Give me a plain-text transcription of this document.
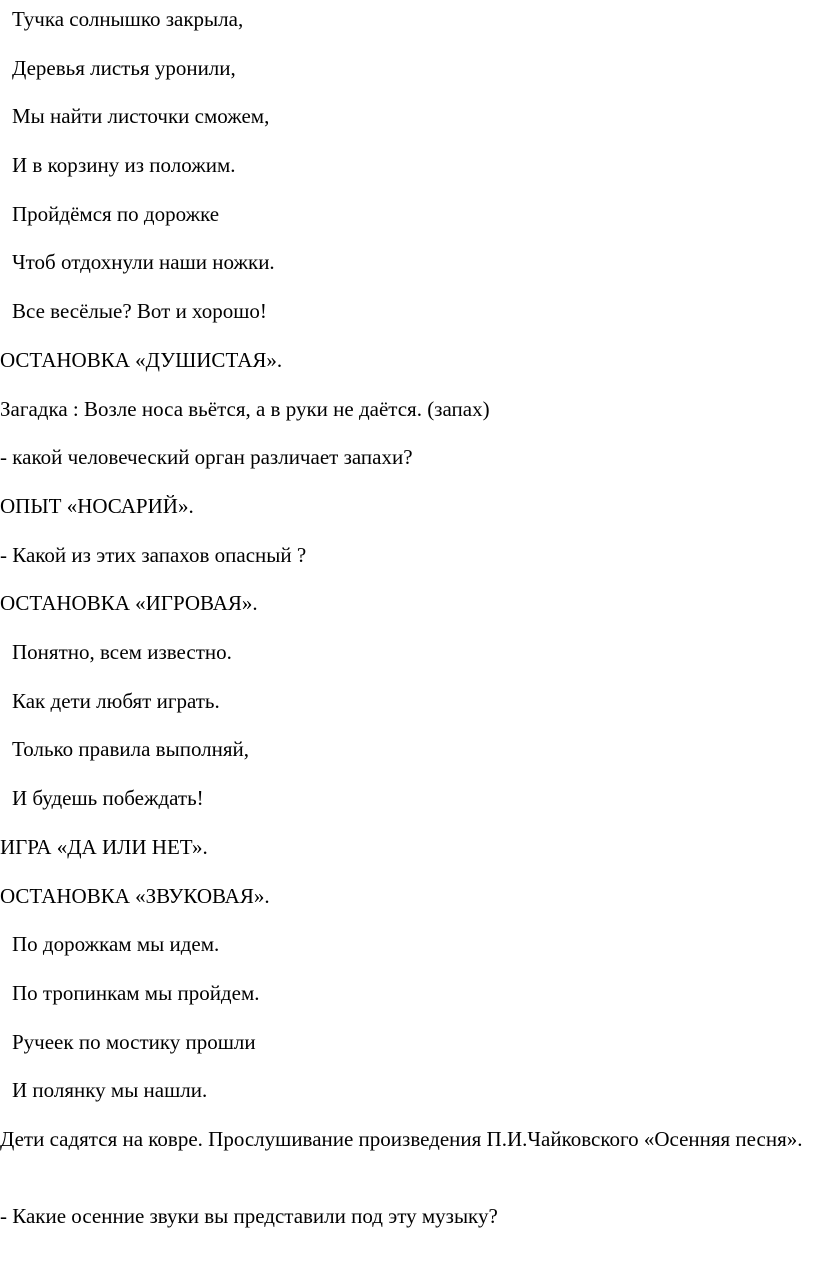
Тучка солнышко закрыла,
Деревья листья уронили,
Мы найти листочки сможем,
И в корзину из положим.
Пройдёмся по дорожке
Чтоб отдохнули наши ножки.
Все весёлые? Вот и хорошо!
ОСТАНОВКА «ДУШИСТАЯ».
Загадка : Возле носа вьётся, а в руки не даётся. (запах)
- какой человеческий орган различает запахи?
ОПЫТ «НОСАРИЙ».
- Какой из этих запахов опасный ?
ОСТАНОВКА «ИГРОВАЯ».
Понятно, всем известно.
Как дети любят играть.
Только правила выполняй,
И будешь побеждать!
ИГРА «ДА ИЛИ НЕТ».
ОСТАНОВКА «ЗВУКОВАЯ».
По дорожкам мы идем.
По тропинкам мы пройдем.
Ручеек по мостику прошли
И полянку мы нашли.
Дети садятся на ковре. Прослушивание произведения П.И.Чайковского «Осенняя песня».
- Какие осенние звуки вы представили под эту музыку?
